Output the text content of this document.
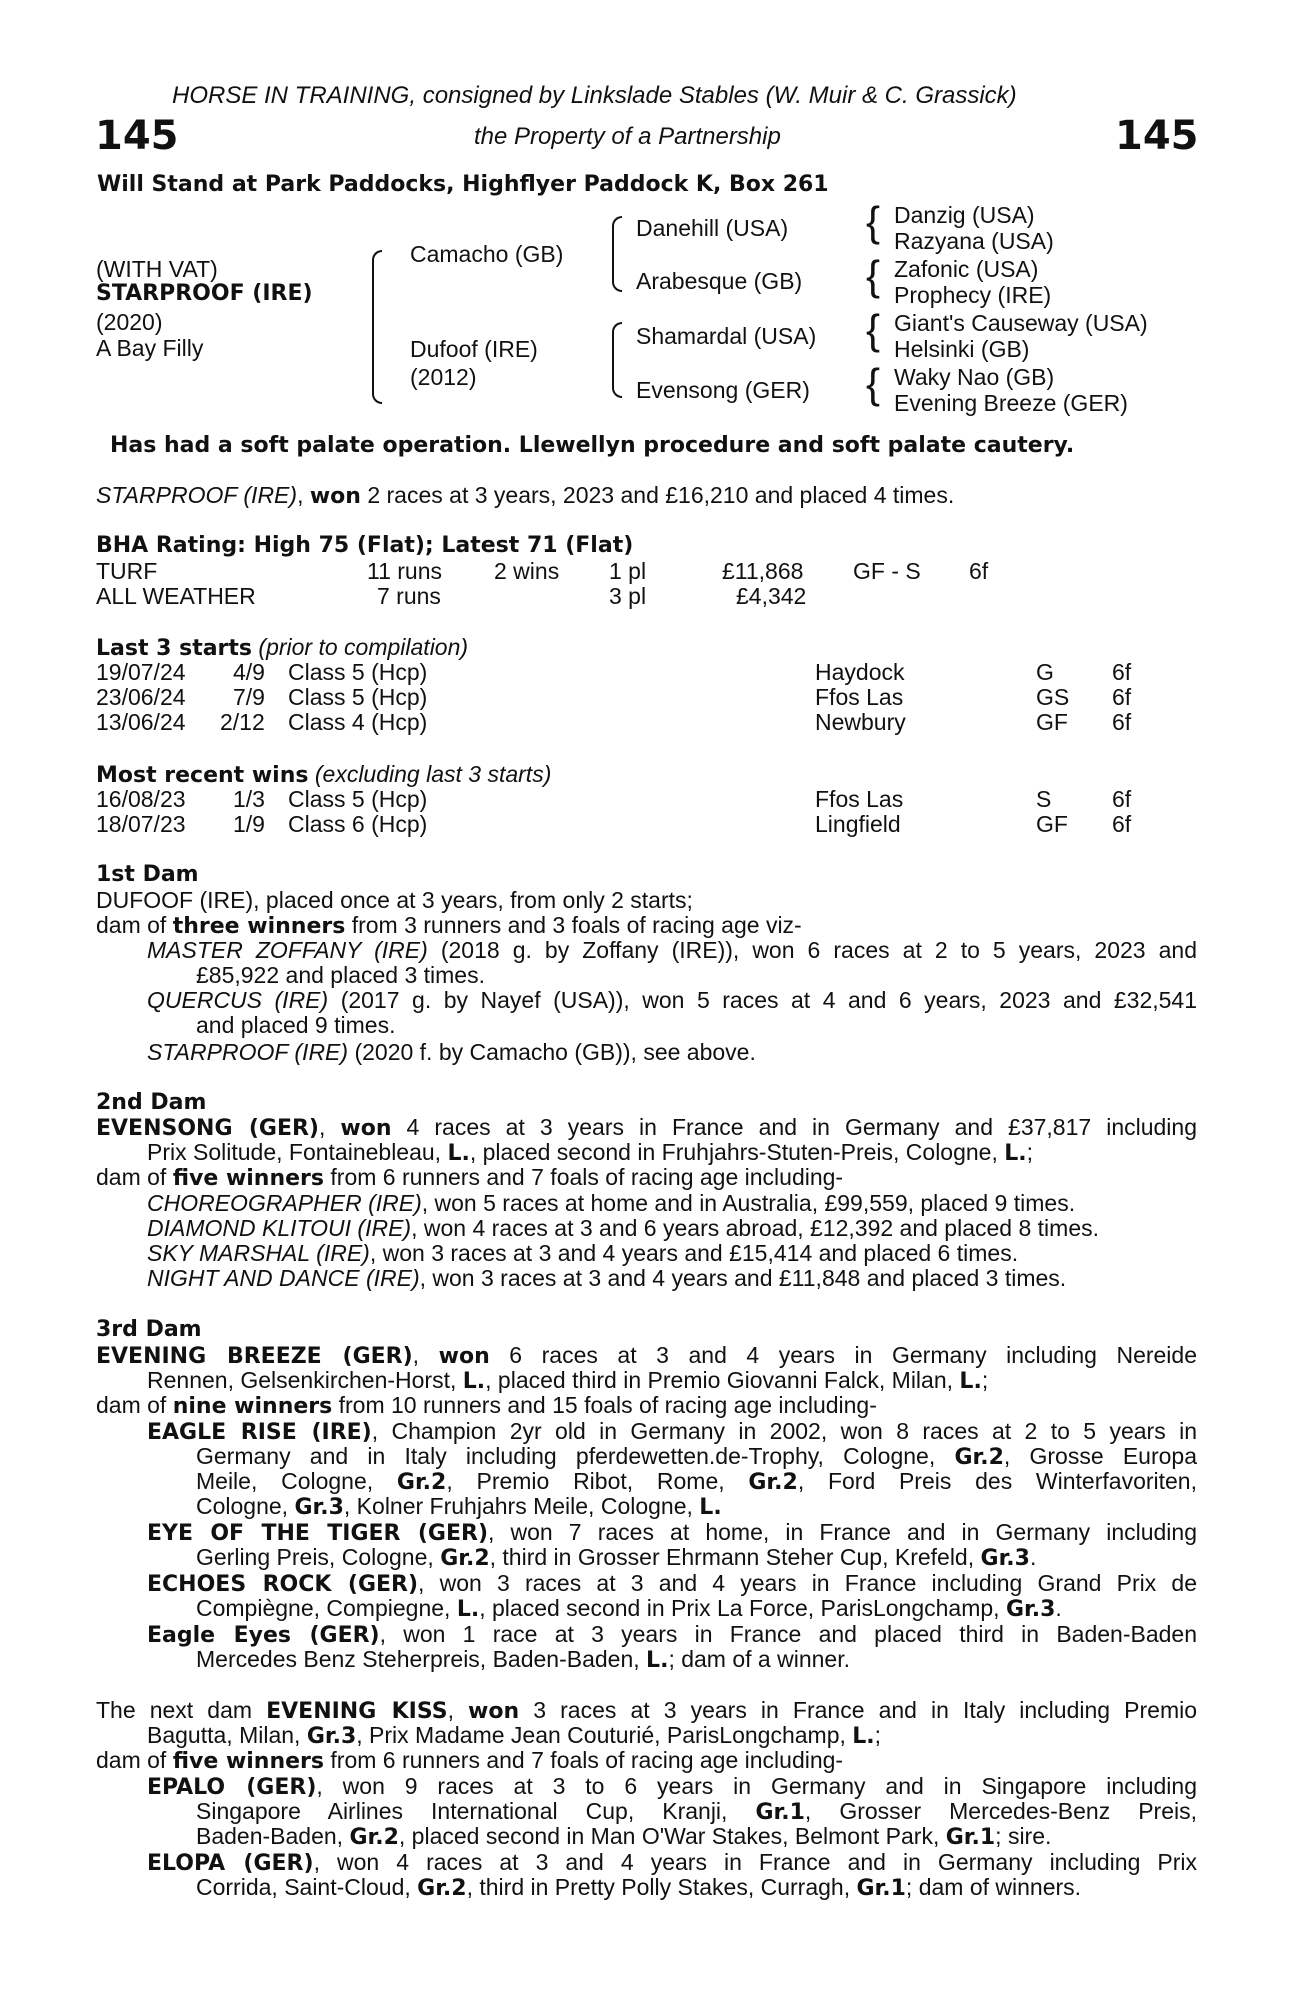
HORSE IN TRAINING, consigned by Linkslade Stables (W. Muir & C. Grassick)
145	the Property of a Partnership	145
Will Stand at Park Paddocks, Highflyer Paddock K, Box 261
(WITH VAT)
STARPROOF (IRE)
(2020)
A Bay Filly
Camacho (GB)
Dufoof (IRE)
(2012)
Danehill (USA)
Arabesque (GB)
Shamardal (USA)
Evensong (GER)
{
{
{
{
Danzig (USA)
Razyana (USA)
Zafonic (USA)
Prophecy (IRE)
Giant's Causeway (USA)
Helsinki (GB)
Waky Nao (GB)
Evening Breeze (GER)
Has had a soft palate operation. Llewellyn procedure and soft palate cautery.
STARPROOF (IRE), won 2 races at 3 years, 2023 and £16,210 and placed 4 times.
BHA Rating: High 75 (Flat); Latest 71 (Flat)
TURF	11 runs 2 wins 1 pl	£11,868 GF - S 6f
ALL WEATHER	7 runs	3 pl	£4,342
Last 3 starts (prior to compilation)
19/07/24 4/9 Class 5 (Hcp)	Haydock	G	6f
23/06/24 7/9 Class 5 (Hcp)	Ffos Las	GS 6f
13/06/24 2/12 Class 4 (Hcp)	Newbury	GF 6f
Most recent wins (excluding last 3 starts)
16/08/23 1/3 Class 5 (Hcp)	Ffos Las	S	6f
18/07/23 1/9 Class 6 (Hcp)	Lingfield	GF 6f
1st Dam
DUFOOF (IRE), placed once at 3 years, from only 2 starts;
dam of three winners from 3 runners and 3 foals of racing age viz-
MASTER ZOFFANY (IRE) (2018 g. by Zoffany (IRE)), won 6 races at 2 to 5 years, 2023 and
£85,922 and placed 3 times.
QUERCUS (IRE) (2017 g. by Nayef (USA)), won 5 races at 4 and 6 years, 2023 and £32,541
and placed 9 times.
STARPROOF (IRE) (2020 f. by Camacho (GB)), see above.
2nd Dam
EVENSONG (GER), won 4 races at 3 years in France and in Germany and £37,817 including
Prix Solitude, Fontainebleau, L., placed second in Fruhjahrs-Stuten-Preis, Cologne, L.;
dam of five winners from 6 runners and 7 foals of racing age including-
CHOREOGRAPHER (IRE), won 5 races at home and in Australia, £99,559, placed 9 times.
DIAMOND KLITOUI (IRE), won 4 races at 3 and 6 years abroad, £12,392 and placed 8 times.
SKY MARSHAL (IRE), won 3 races at 3 and 4 years and £15,414 and placed 6 times.
NIGHT AND DANCE (IRE), won 3 races at 3 and 4 years and £11,848 and placed 3 times.
3rd Dam
EVENING BREEZE (GER), won 6 races at 3 and 4 years in Germany including Nereide
Rennen, Gelsenkirchen-Horst, L., placed third in Premio Giovanni Falck, Milan, L.;
dam of nine winners from 10 runners and 15 foals of racing age including-
EAGLE RISE (IRE), Champion 2yr old in Germany in 2002, won 8 races at 2 to 5 years in
Germany and in Italy including pferdewetten.de-Trophy, Cologne, Gr.2, Grosse Europa
Meile, Cologne, Gr.2, Premio Ribot, Rome, Gr.2, Ford Preis des Winterfavoriten,
Cologne, Gr.3, Kolner Fruhjahrs Meile, Cologne, L.
EYE OF THE TIGER (GER), won 7 races at home, in France and in Germany including
Gerling Preis, Cologne, Gr.2, third in Grosser Ehrmann Steher Cup, Krefeld, Gr.3.
ECHOES ROCK (GER), won 3 races at 3 and 4 years in France including Grand Prix de
Compiègne, Compiegne, L., placed second in Prix La Force, ParisLongchamp, Gr.3.
Eagle Eyes (GER), won 1 race at 3 years in France and placed third in Baden-Baden
Mercedes Benz Steherpreis, Baden-Baden, L.; dam of a winner.
The next dam EVENING KISS, won 3 races at 3 years in France and in Italy including Premio
Bagutta, Milan, Gr.3, Prix Madame Jean Couturié, ParisLongchamp, L.;
dam of five winners from 6 runners and 7 foals of racing age including-
EPALO (GER), won 9 races at 3 to 6 years in Germany and in Singapore including
Singapore Airlines International Cup, Kranji, Gr.1, Grosser Mercedes-Benz Preis,
Baden-Baden, Gr.2, placed second in Man O'War Stakes, Belmont Park, Gr.1; sire.
ELOPA (GER), won 4 races at 3 and 4 years in France and in Germany including Prix
Corrida, Saint-Cloud, Gr.2, third in Pretty Polly Stakes, Curragh, Gr.1; dam of winners.
